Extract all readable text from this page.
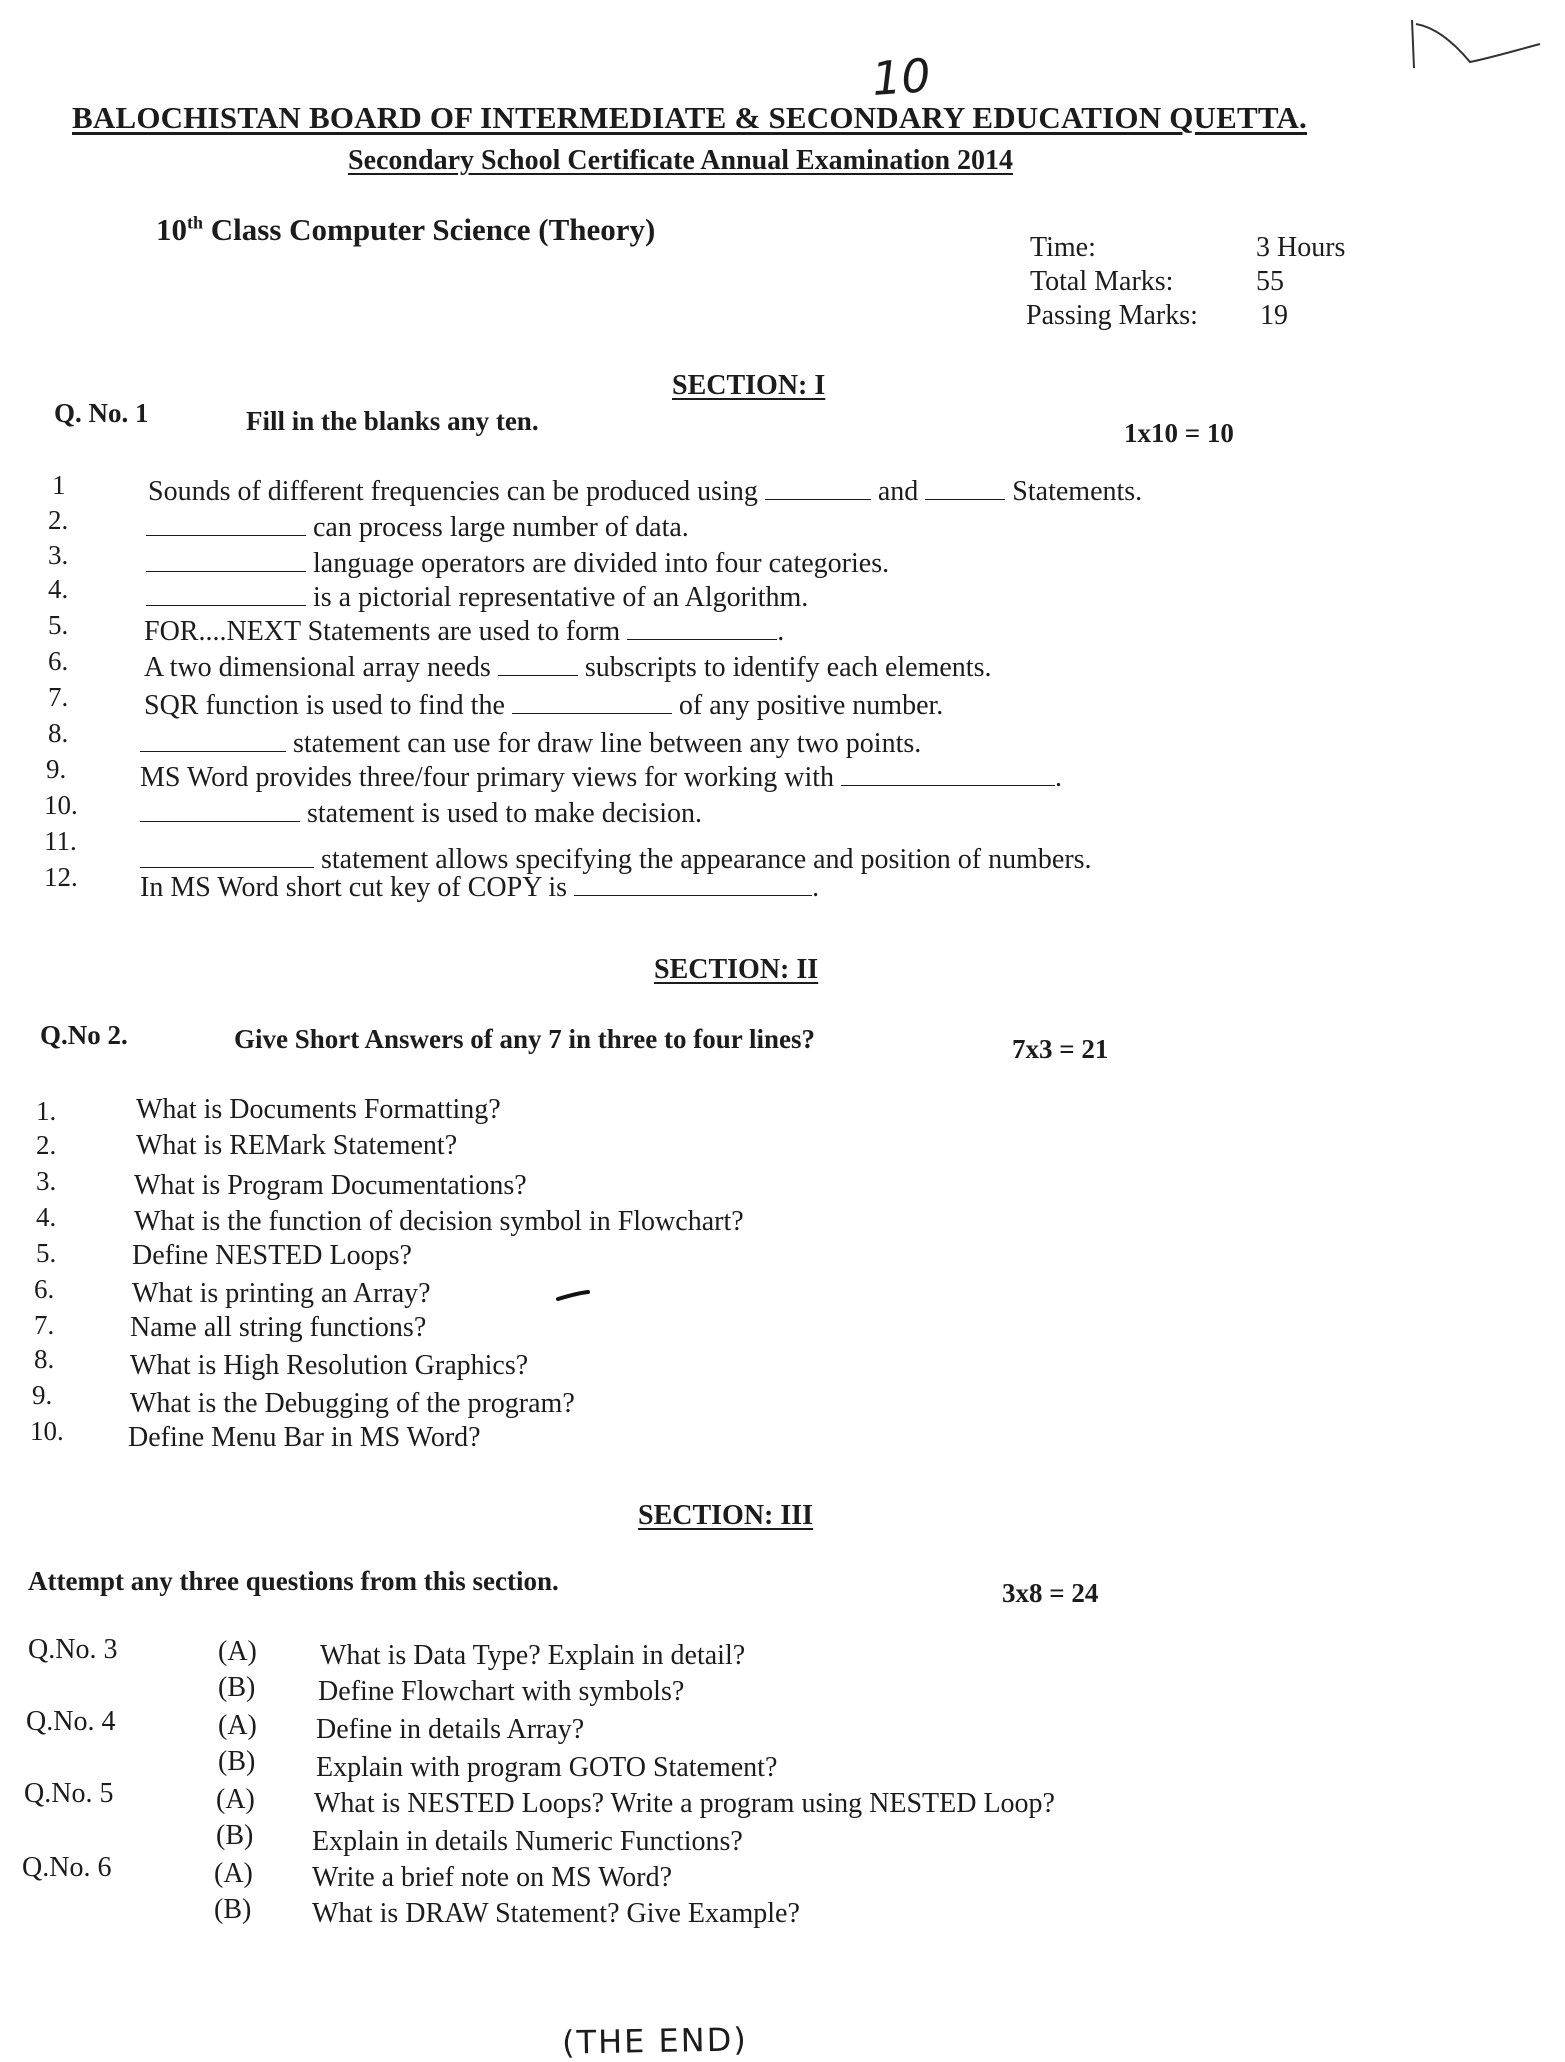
10
BALOCHISTAN BOARD OF INTERMEDIATE & SECONDARY EDUCATION QUETTA.
Secondary School Certificate Annual Examination 2014
10th Class Computer Science (Theory)
Time:	3 Hours
Total Marks:	55
Passing Marks: 19
SECTION: I
Q. No. 1	Fill in the blanks any ten.	1x10 = 10
1	Sounds of different frequencies can be produced using	and	Statements.
2.	can process large number of data.
3.	language operators are divided into four categories.
4.	is a pictorial representative of an Algorithm.
5.	FOR....NEXT Statements are used to form	.
6.	A two dimensional array needs	subscripts to identify each elements.
7.	SQR function is used to find the	of any positive number.
8.	statement can use for draw line between any two points.
9.	MS Word provides three/four primary views for working with	.
10.	statement is used to make decision.
11.
statement allows specifying the appearance and position of numbers.
12. In MS Word short cut key of COPY is	.
SECTION: II
Q.No 2.	Give Short Answers of any 7 in three to four lines?	7x3 = 21
1.	What is Documents Formatting?
2.	What is REMark Statement?
3.	What is Program Documentations?
4.	What is the function of decision symbol in Flowchart?
5.	Define NESTED Loops?
6.	What is printing an Array?
7.	Name all string functions?
8.	What is High Resolution Graphics?
9.	What is the Debugging of the program?
10. Define Menu Bar in MS Word?
SECTION: III
Attempt any three questions from this section.	3x8 = 24
Q.No. 3	(A) What is Data Type? Explain in detail?
(B) Define Flowchart with symbols?
Q.No. 4	(A) Define in details Array?
(B) Explain with program GOTO Statement?
Q.No. 5	(A) What is NESTED Loops? Write a program using NESTED Loop?
(B) Explain in details Numeric Functions?
Q.No. 6	(A) Write a brief note on MS Word?
(B) What is DRAW Statement? Give Example?
(THE END)
